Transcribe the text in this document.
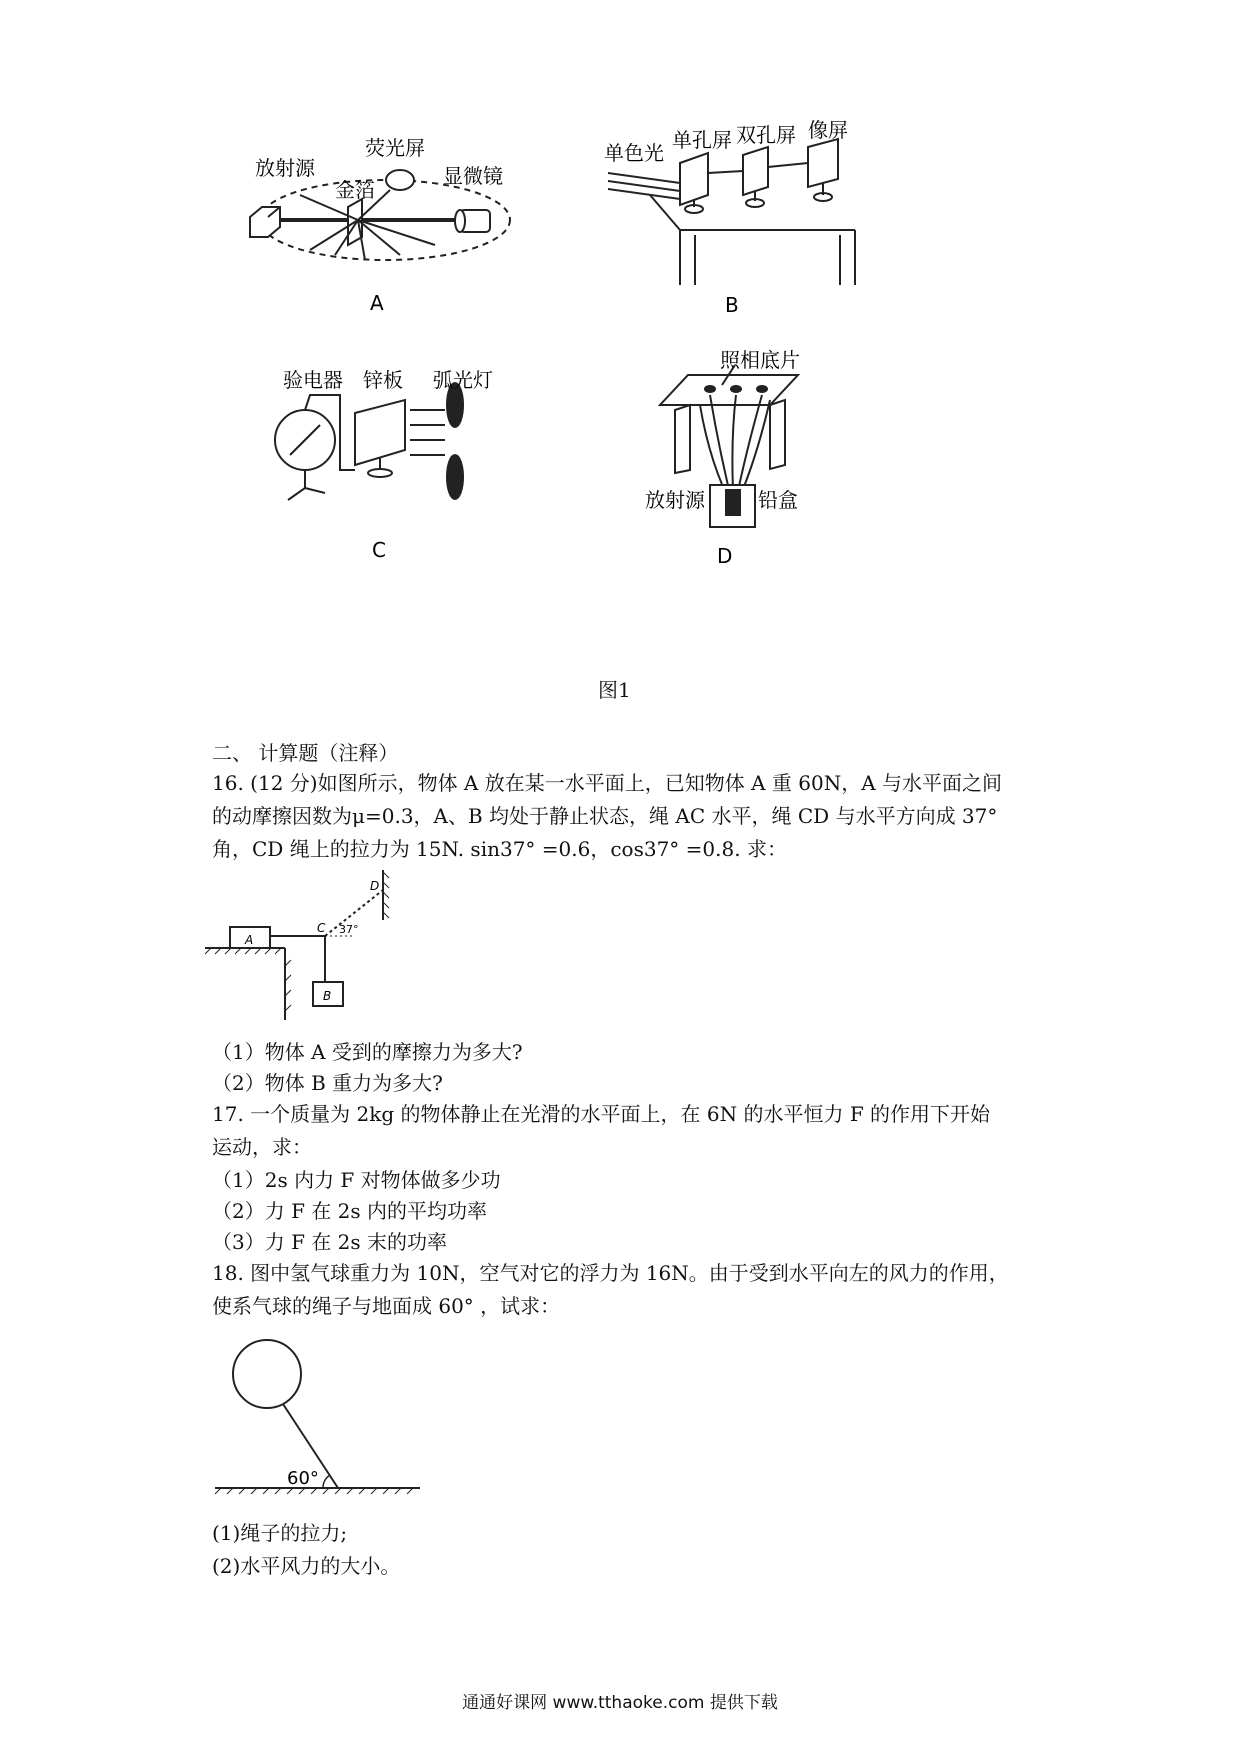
放射源
荧光屏
金箔
显微镜
A
单色光
单孔屏 双孔屏 像屏
B
验电器 锌板 弧光灯
C
照相底片
放射源	铅盒
D
图1
二、 计算题（注释）
16. (12 分)如图所示，物体 A 放在某一水平面上，已知物体 A 重 60N，A 与水平面之间
的动摩擦因数为μ=0.3，A、B 均处于静止状态，绳 AC 水平，绳 CD 与水平方向成 37°
角，CD 绳上的拉力为 15N. sin37° =0.6，cos37° =0.8. 求：
A
B
C
D
37°
（1）物体 A 受到的摩擦力为多大?
（2）物体 B 重力为多大?
17. 一个质量为 2kg 的物体静止在光滑的水平面上，在 6N 的水平恒力 F 的作用下开始
运动，求：
（1）2s 内力 F 对物体做多少功
（2）力 F 在 2s 内的平均功率
（3）力 F 在 2s 末的功率
18. 图中氢气球重力为 10N，空气对它的浮力为 16N。由于受到水平向左的风力的作用，
使系气球的绳子与地面成 60° ，试求：
60°
(1)绳子的拉力;
(2)水平风力的大小。
通通好课网 www.tthaoke.com 提供下载
